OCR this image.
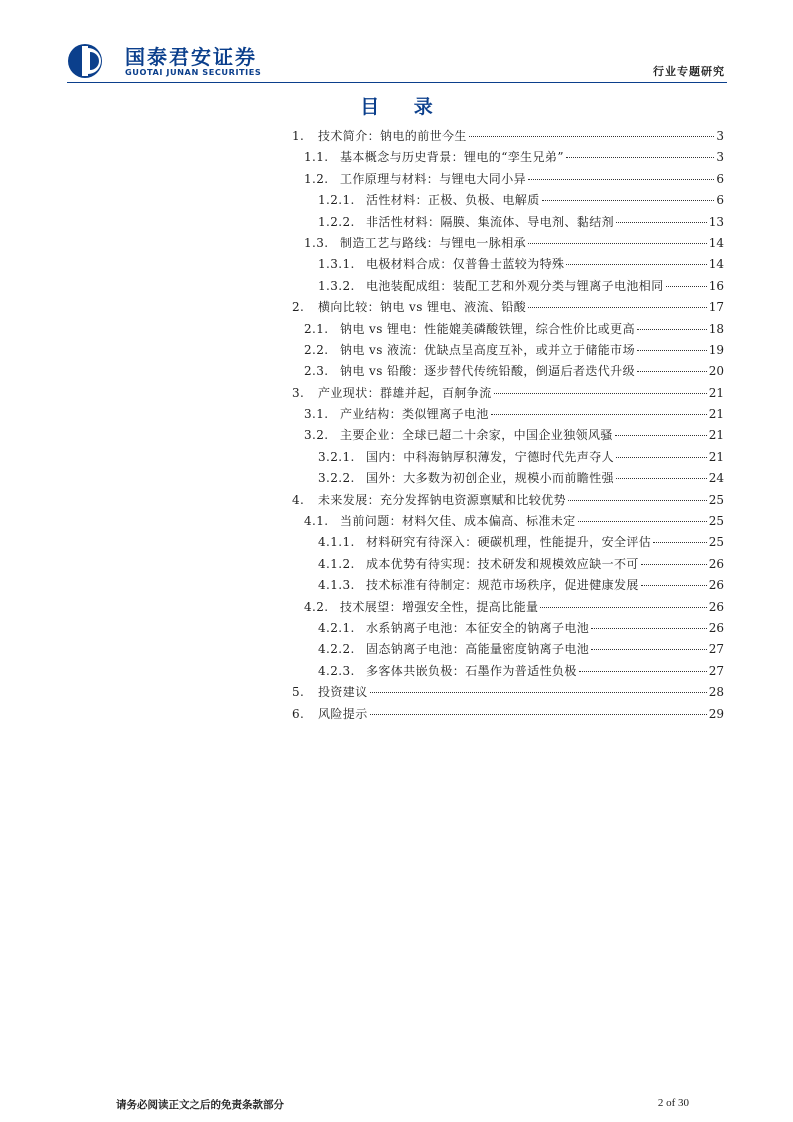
国泰君安证券
GUOTAI JUNAN SECURITIES	行业专题研究
目 录
1.	技术简介：钠电的前世今生	3
1.1. 基本概念与历史背景：锂电的“孪生兄弟”	3
1.2. 工作原理与材料：与锂电大同小异	6
1.2.1. 活性材料：正极、负极、电解质	6
1.2.2. 非活性材料：隔膜、集流体、导电剂、黏结剂	13
1.3. 制造工艺与路线：与锂电一脉相承	14
1.3.1. 电极材料合成：仅普鲁士蓝较为特殊	14
1.3.2. 电池装配成组：装配工艺和外观分类与锂离子电池相同	16
2.	横向比较：钠电 vs 锂电、液流、铅酸	17
2.1. 钠电 vs 锂电：性能媲美磷酸铁锂，综合性价比或更高	18
2.2. 钠电 vs 液流：优缺点呈高度互补，或并立于储能市场	19
2.3. 钠电 vs 铅酸：逐步替代传统铅酸，倒逼后者迭代升级	20
3.	产业现状：群雄并起，百舸争流	21
3.1. 产业结构：类似锂离子电池	21
3.2. 主要企业：全球已超二十余家，中国企业独领风骚	21
3.2.1. 国内：中科海钠厚积薄发，宁德时代先声夺人	21
3.2.2. 国外：大多数为初创企业，规模小而前瞻性强	24
4.	未来发展：充分发挥钠电资源禀赋和比较优势	25
4.1. 当前问题：材料欠佳、成本偏高、标准未定	25
4.1.1. 材料研究有待深入：硬碳机理，性能提升，安全评估	25
4.1.2. 成本优势有待实现：技术研发和规模效应缺一不可	26
4.1.3. 技术标准有待制定：规范市场秩序，促进健康发展	26
4.2. 技术展望：增强安全性，提高比能量	26
4.2.1. 水系钠离子电池：本征安全的钠离子电池	26
4.2.2. 固态钠离子电池：高能量密度钠离子电池	27
4.2.3. 多客体共嵌负极：石墨作为普适性负极	27
5.	投资建议	28
6.	风险提示	29
请务必阅读正文之后的免责条款部分	2 of 30
